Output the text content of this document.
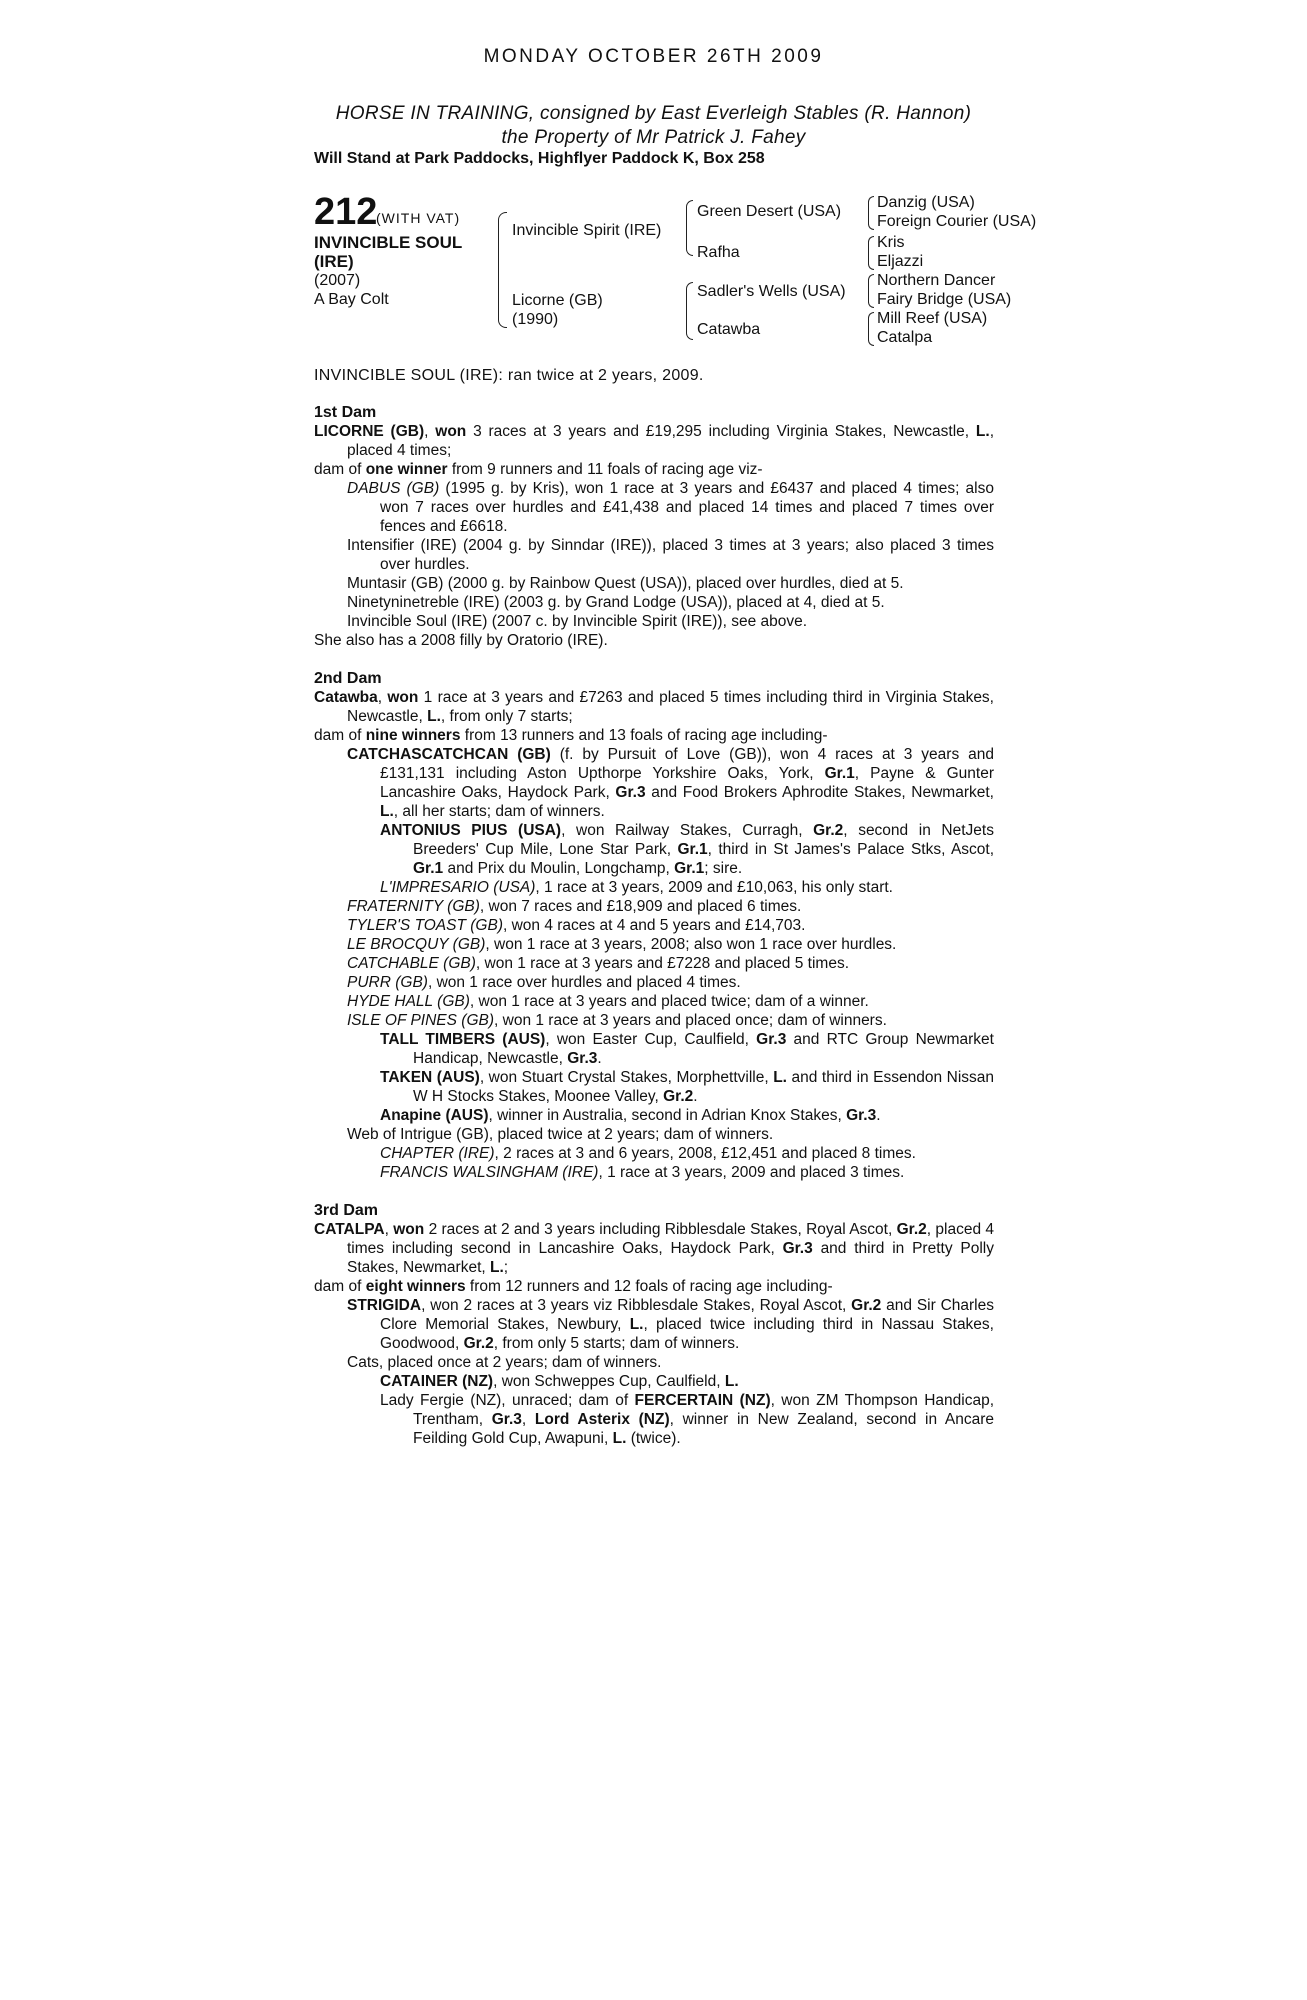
MONDAY OCTOBER 26TH 2009
HORSE IN TRAINING, consigned by East Everleigh Stables (R. Hannon)
the Property of Mr Patrick J. Fahey
Will Stand at Park Paddocks, Highflyer Paddock K, Box 258
212
(WITH VAT)
INVINCIBLE SOUL
(IRE)
(2007)
A Bay Colt
Invincible Spirit (IRE)
Licorne (GB)
(1990)
Green Desert (USA)
Rafha
Sadler's Wells (USA)
Catawba
Danzig (USA)
Foreign Courier (USA)
Kris
Eljazzi
Northern Dancer
Fairy Bridge (USA)
Mill Reef (USA)
Catalpa
INVINCIBLE SOUL (IRE): ran twice at 2 years, 2009.

1st Dam

LICORNE (GB), won 3 races at 3 years and £19,295 including Virginia Stakes, Newcastle, L., placed 4 times;

dam of one winner from 9 runners and 11 foals of racing age viz-

DABUS (GB) (1995 g. by Kris), won 1 race at 3 years and £6437 and placed 4 times; also won 7 races over hurdles and £41,438 and placed 14 times and placed 7 times over fences and £6618.

Intensifier (IRE) (2004 g. by Sinndar (IRE)), placed 3 times at 3 years; also placed 3 times over hurdles.

Muntasir (GB) (2000 g. by Rainbow Quest (USA)), placed over hurdles, died at 5.

Ninetyninetreble (IRE) (2003 g. by Grand Lodge (USA)), placed at 4, died at 5.

Invincible Soul (IRE) (2007 c. by Invincible Spirit (IRE)), see above.

She also has a 2008 filly by Oratorio (IRE).

2nd Dam

Catawba, won 1 race at 3 years and £7263 and placed 5 times including third in Virginia Stakes, Newcastle, L., from only 7 starts;

dam of nine winners from 13 runners and 13 foals of racing age including-

CATCHASCATCHCAN (GB) (f. by Pursuit of Love (GB)), won 4 races at 3 years and £131,131 including Aston Upthorpe Yorkshire Oaks, York, Gr.1, Payne & Gunter Lancashire Oaks, Haydock Park, Gr.3 and Food Brokers Aphrodite Stakes, Newmarket, L., all her starts; dam of winners.

ANTONIUS PIUS (USA), won Railway Stakes, Curragh, Gr.2, second in NetJets Breeders' Cup Mile, Lone Star Park, Gr.1, third in St James's Palace Stks, Ascot, Gr.1 and Prix du Moulin, Longchamp, Gr.1; sire.

L'IMPRESARIO (USA), 1 race at 3 years, 2009 and £10,063, his only start.

FRATERNITY (GB), won 7 races and £18,909 and placed 6 times.

TYLER'S TOAST (GB), won 4 races at 4 and 5 years and £14,703.

LE BROCQUY (GB), won 1 race at 3 years, 2008; also won 1 race over hurdles.

CATCHABLE (GB), won 1 race at 3 years and £7228 and placed 5 times.

PURR (GB), won 1 race over hurdles and placed 4 times.

HYDE HALL (GB), won 1 race at 3 years and placed twice; dam of a winner.

ISLE OF PINES (GB), won 1 race at 3 years and placed once; dam of winners.

TALL TIMBERS (AUS), won Easter Cup, Caulfield, Gr.3 and RTC Group Newmarket Handicap, Newcastle, Gr.3.

TAKEN (AUS), won Stuart Crystal Stakes, Morphettville, L. and third in Essendon Nissan W H Stocks Stakes, Moonee Valley, Gr.2.

Anapine (AUS), winner in Australia, second in Adrian Knox Stakes, Gr.3.

Web of Intrigue (GB), placed twice at 2 years; dam of winners.

CHAPTER (IRE), 2 races at 3 and 6 years, 2008, £12,451 and placed 8 times.

FRANCIS WALSINGHAM (IRE), 1 race at 3 years, 2009 and placed 3 times.

3rd Dam

CATALPA, won 2 races at 2 and 3 years including Ribblesdale Stakes, Royal Ascot, Gr.2, placed 4 times including second in Lancashire Oaks, Haydock Park, Gr.3 and third in Pretty Polly Stakes, Newmarket, L.;

dam of eight winners from 12 runners and 12 foals of racing age including-

STRIGIDA, won 2 races at 3 years viz Ribblesdale Stakes, Royal Ascot, Gr.2 and Sir Charles Clore Memorial Stakes, Newbury, L., placed twice including third in Nassau Stakes, Goodwood, Gr.2, from only 5 starts; dam of winners.

Cats, placed once at 2 years; dam of winners.

CATAINER (NZ), won Schweppes Cup, Caulfield, L.

Lady Fergie (NZ), unraced; dam of FERCERTAIN (NZ), won ZM Thompson Handicap, Trentham, Gr.3, Lord Asterix (NZ), winner in New Zealand, second in Ancare Feilding Gold Cup, Awapuni, L. (twice).
